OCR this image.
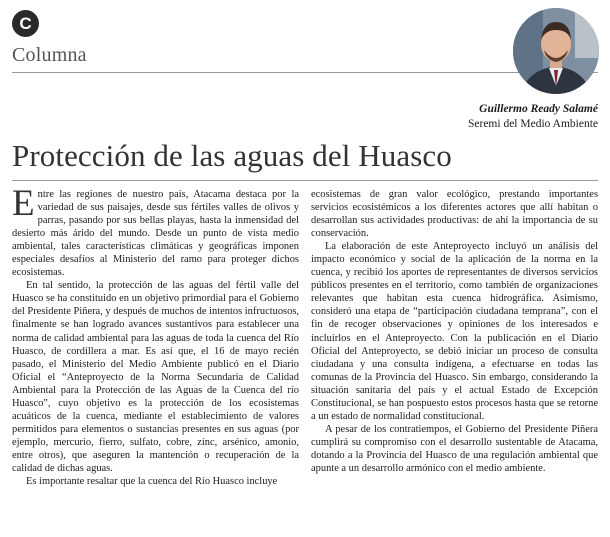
C
Columna
Guillermo Ready Salamé
Seremi del Medio Ambiente
Protección de las aguas del Huasco

Entre las regiones de nuestro país, Atacama destaca por la variedad de sus paisajes, desde sus fértiles valles de olivos y parras, pasando por sus bellas playas, hasta la inmensidad del desierto más árido del mundo. Desde un punto de vista medio ambiental, tales características climáticas y geográficas imponen especiales desafíos al Ministerio del ramo para proteger dichos ecosistemas.

En tal sentido, la protección de las aguas del fértil valle del Huasco se ha constituido en un objetivo primordial para el Gobierno del Presidente Piñera, y después de muchos de intentos infructuosos, finalmente se han logrado avances sustantivos para establecer una norma de calidad ambiental para las aguas de toda la cuenca del Río Huasco, de cordillera a mar. Es así que, el 16 de mayo recién pasado, el Ministerio del Medio Ambiente publicó en el Diario Oficial el “Anteproyecto de la Norma Secundaria de Calidad Ambiental para la Protección de las Aguas de la Cuenca del río Huasco”, cuyo objetivo es la protección de los ecosistemas acuáticos de la cuenca, mediante el establecimiento de valores permitidos para elementos o sustancias presentes en sus aguas (por ejemplo, mercurio, fierro, sulfato, cobre, zinc, arsénico, amonio, entre otros), que aseguren la mantención o recuperación de la calidad de dichas aguas.

Es importante resaltar que la cuenca del Río Huasco incluye

ecosistemas de gran valor ecológico, prestando importantes servicios ecosistémicos a los diferentes actores que allí habitan o desarrollan sus actividades productivas: de ahí la importancia de su conservación.

La elaboración de este Anteproyecto incluyó un análisis del impacto económico y social de la aplicación de la norma en la cuenca, y recibió los aportes de representantes de diversos servicios públicos presentes en el territorio, como también de organizaciones relevantes que habitan esta cuenca hidrográfica. Asimismo, consideró una etapa de “participación ciudadana temprana”, con el fin de recoger observaciones y opiniones de los interesados e incluirlos en el Anteproyecto. Con la publicación en el Diario Oficial del Anteproyecto, se debió iniciar un proceso de consulta ciudadana y una consulta indígena, a efectuarse en todas las comunas de la Provincia del Huasco. Sin embargo, considerando la situación sanitaria del país y el actual Estado de Excepción Constitucional, se han pospuesto estos procesos hasta que se retorne a un estado de normalidad constitucional.

A pesar de los contratiempos, el Gobierno del Presidente Piñera cumplirá su compromiso con el desarrollo sustentable de Atacama, dotando a la Provincia del Huasco de una regulación ambiental que apunte a un desarrollo armónico con el medio ambiente.
